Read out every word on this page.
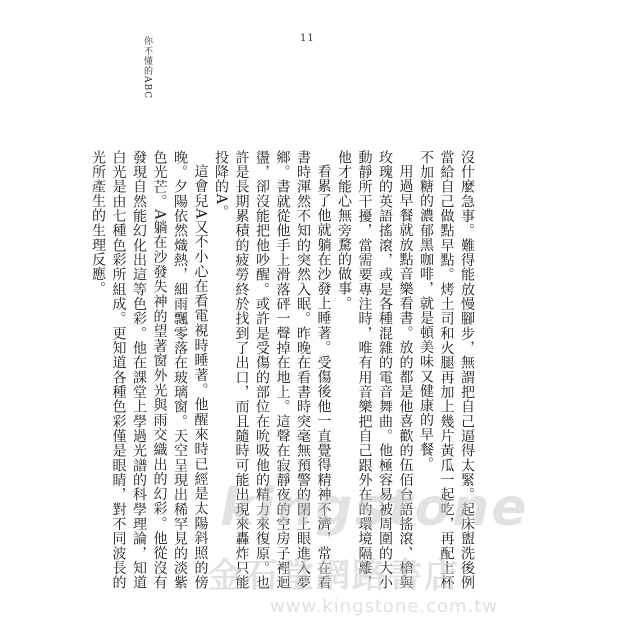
11
你不懂的ABC

沒什麼急事。難得能放慢腳步，無謂把自己逼得太緊。起床盥洗後例當給自己做點早點。烤土司和火腿再加上幾片黃瓜一起吃，再配上杯不加糖的濃郁黑咖啡，就是頓美味又健康的早餐。

用過早餐就放點音樂看書。放的都是他喜歡的伍佰台語搖滾、槍與玫瑰的英語搖滾，或是各種混雜的電音舞曲。他極容易被周圍的大小動靜所干擾，當需要專注時，唯有用音樂把自己跟外在的環境隔離，他才能心無旁騖的做事。

看累了他就躺在沙發上睡著。受傷後他一直覺得精神不濟，常在看書時渾然不知的突然入眠。昨晚在看書時突毫無預警的閉上眼進入夢鄉。書就從他手上滑落砰一聲掉在地上。這聲在寂靜夜的空房子裡迴盪，卻沒能把他吵醒。或許是受傷的部位在吮吸他的精力來復原。也許是長期累積的疲勞終於找到了出口，而且隨時可能出現來轟炸只能投降的A。

這會兒A又不小心在看電視時睡著。他醒來時已經是太陽斜照的傍晚。夕陽依然熾熱，細雨飄零落在玻璃窗。天空呈現出稀罕見的淡紫色光芒。A躺在沙發失神的望著窗外光與雨交織出的幻彩。他從沒有發現自然能幻化出這等色彩。他在課堂上學過光譜的科學理論，知道白光是由七種色彩所組成。更知道各種色彩僅是眼睛，對不同波長的光所產生的生理反應。

kingstone
金石堂網路書店
www.kingstone.com.tw
